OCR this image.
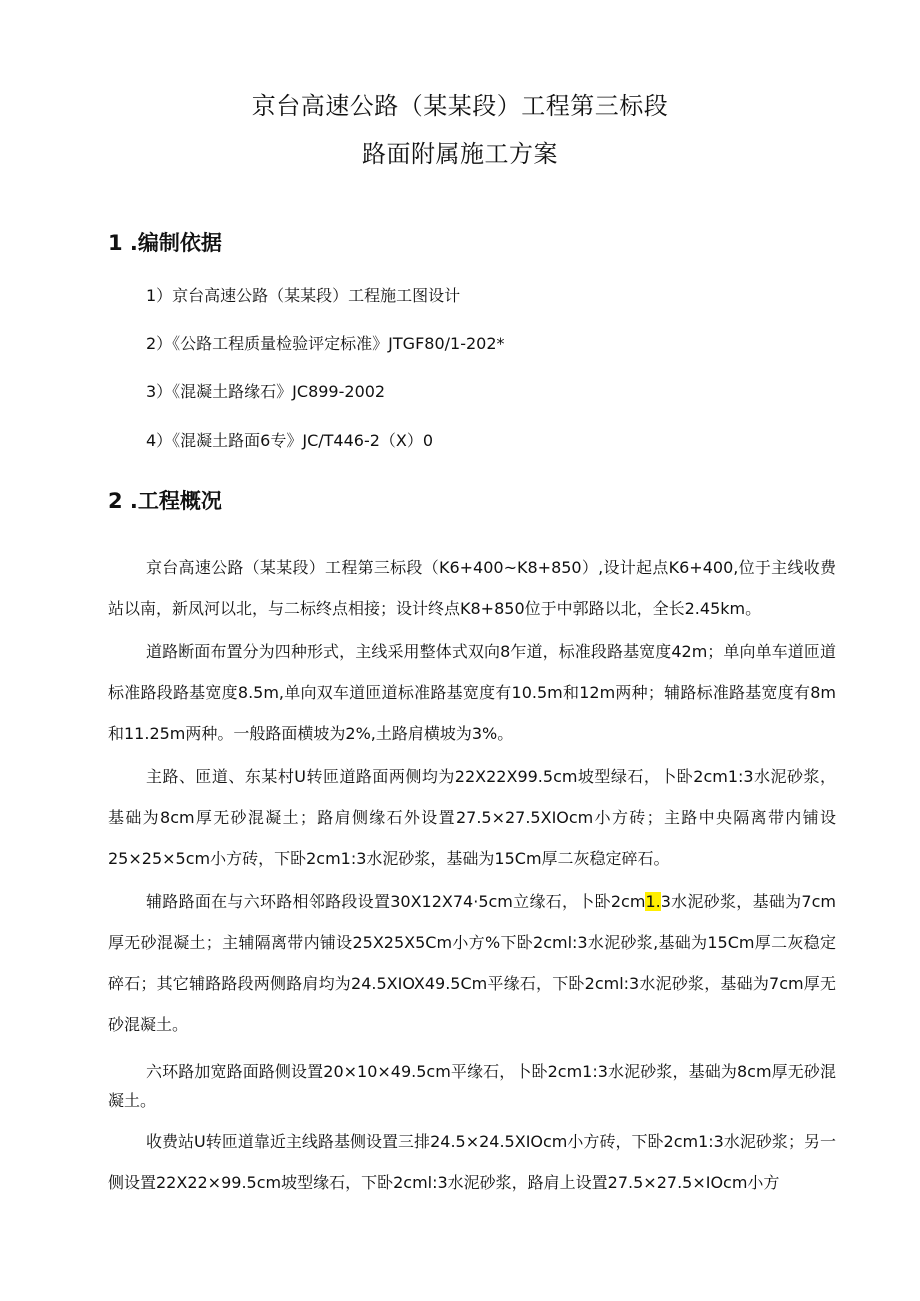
京台高速公路（某某段）工程第三标段
路面附属施工方案
1 .编制依据
1）京台高速公路（某某段）工程施工图设计
2）《公路工程质量检验评定标准》JTGF80/1-202*
3）《混凝土路缘石》JC899-2002
4）《混凝土路面6专》JC/T446-2（X）0
2 .工程概况

京台高速公路（某某段）工程第三标段（K6+400~K8+850）,设计起点K6+400,位于主线收费站以南，新凤河以北，与二标终点相接；设计终点K8+850位于中郭路以北，全长2.45km。

道路断面布置分为四种形式，主线采用整体式双向8乍道，标准段路基宽度42m；单向单车道匝道标准路段路基宽度8.5m,单向双车道匝道标准路基宽度有10.5m和12m两种；辅路标准路基宽度有8m和11.25m两种。一般路面横坡为2%,土路肩横坡为3%。

主路、匝道、东某村U转匝道路面两侧均为22X22X99.5cm坡型绿石，卜卧2cm1:3水泥砂浆，基础为8cm厚无砂混凝土；路肩侧缘石外设置27.5×27.5XIOcm小方砖；主路中央隔离带内铺设25×25×5cm小方砖，下卧2cm1:3水泥砂浆，基础为15Cm厚二灰稳定碎石。

辅路路面在与六环路相邻路段设置30X12X74·5cm立缘石，卜卧2cm1.3水泥砂浆，基础为7cm厚无砂混凝土；主辅隔离带内铺设25X25X5Cm小方%下卧2cml:3水泥砂浆,基础为15Cm厚二灰稳定碎石；其它辅路路段两侧路肩均为24.5XIOX49.5Cm平缘石，下卧2cml:3水泥砂浆，基础为7cm厚无砂混凝土。

六环路加宽路面路侧设置20×10×49.5cm平缘石，卜卧2cm1:3水泥砂浆，基础为8cm厚无砂混凝土。

收费站U转匝道靠近主线路基侧设置三排24.5×24.5XIOcm小方砖，下卧2cm1:3水泥砂浆；另一侧设置22X22×99.5cm坡型缘石，下卧2cml:3水泥砂浆，路肩上设置27.5×27.5×IOcm小方
